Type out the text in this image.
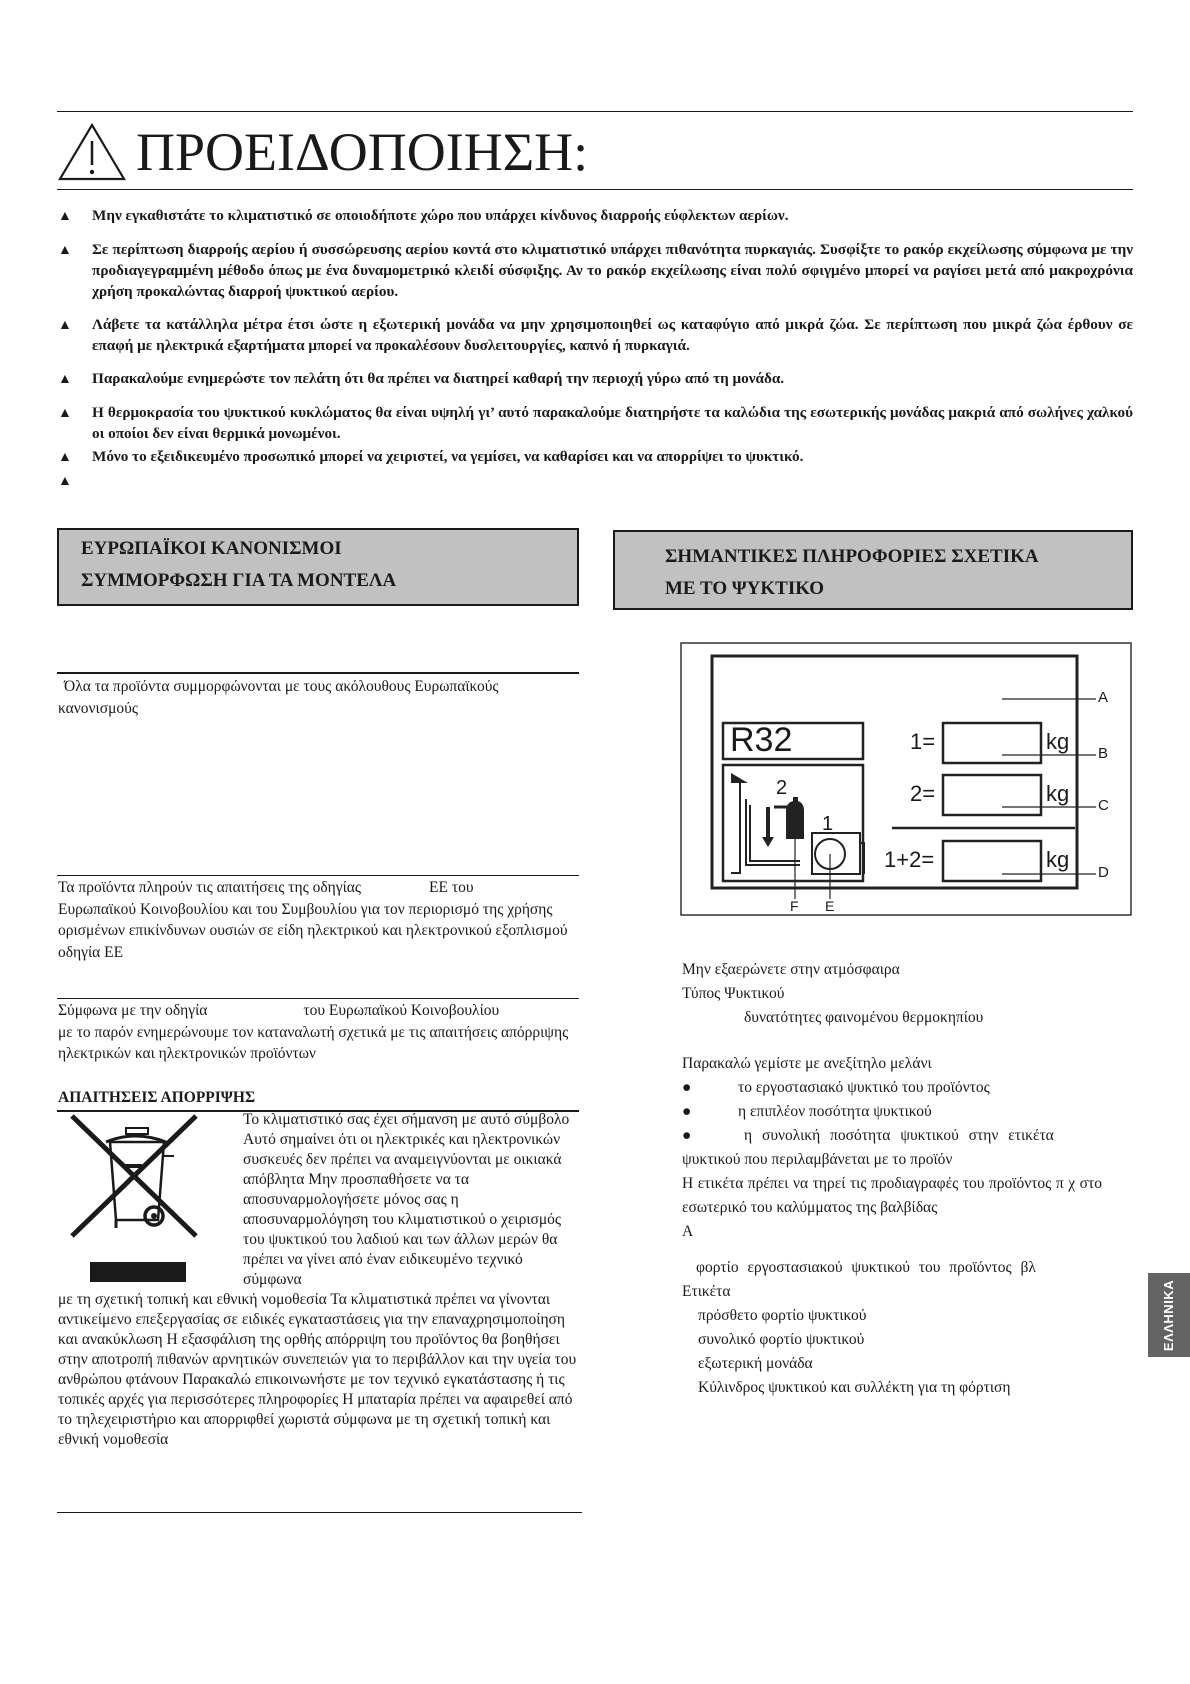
ΠΡΟΕΙΔΟΠΟΙΗΣΗ:
▲	Μην εγκαθιστάτε το κλιματιστικό σε οποιοδήποτε χώρο που υπάρχει κίνδυνος διαρροής εύφλεκτων αερίων.
▲	Σε περίπτωση διαρροής αερίου ή συσσώρευσης αερίου κοντά στο κλιματιστικό υπάρχει πιθανότητα πυρκαγιάς. Συσφίξτε το ρακόρ εκχείλωσης σύμφωνα με την προδιαγεγραμμένη μέθοδο όπως με ένα δυναμομετρικό κλειδί σύσφιξης. Αν το ρακόρ εκχείλωσης είναι πολύ σφιγμένο μπορεί να ραγίσει μετά από μακροχρόνια χρήση προκαλώντας διαρροή ψυκτικού αερίου.
▲	Λάβετε τα κατάλληλα μέτρα έτσι ώστε η εξωτερική μονάδα να μην χρησιμοποιηθεί ως καταφύγιο από μικρά ζώα. Σε περίπτωση που μικρά ζώα έρθουν σε επαφή με ηλεκτρικά εξαρτήματα μπορεί να προκαλέσουν δυσλειτουργίες, καπνό ή πυρκαγιά.
▲	Παρακαλούμε ενημερώστε τον πελάτη ότι θα πρέπει να διατηρεί καθαρή την περιοχή γύρω από τη μονάδα.
▲	Η θερμοκρασία του ψυκτικού κυκλώματος θα είναι υψηλή γι’ αυτό παρακαλούμε διατηρήστε τα καλώδια της εσωτερικής μονάδας μακριά από σωλήνες χαλκού οι οποίοι δεν είναι θερμικά μονωμένοι.
▲	Μόνο το εξειδικευμένο προσωπικό μπορεί να χειριστεί, να γεμίσει, να καθαρίσει και να απορρίψει το ψυκτικό.
▲
ΕΥΡΩΠΑΪΚΟΙ ΚΑΝΟΝΙΣΜΟΙ
ΣΥΜΜΟΡΦΩΣΗ ΓΙΑ ΤΑ ΜΟΝΤΕΛΑ
Όλα τα προϊόντα συμμορφώνονται με τους ακόλουθους Ευρωπαϊκούς κανονισμούς
Τα προϊόντα πληρούν τις απαιτήσεις της οδηγίας	ΕΕ του
Ευρωπαϊκού Κοινοβουλίου και του Συμβουλίου για τον περιορισμό της χρήσης ορισμένων επικίνδυνων ουσιών σε είδη ηλεκτρικού και ηλεκτρονικού εξοπλισμού οδηγία ΕΕ
Σύμφωνα με την οδηγία	του Ευρωπαϊκού Κοινοβουλίου
με το παρόν ενημερώνουμε τον καταναλωτή σχετικά με τις απαιτήσεις απόρριψης ηλεκτρικών και ηλεκτρονικών προϊόντων
ΑΠΑΙΤΗΣΕΙΣ ΑΠΟΡΡΙΨΗΣ
Το κλιματιστικό σας έχει σήμανση με αυτό σύμβολο Αυτό σημαίνει ότι οι ηλεκτρικές και ηλεκτρονικών συσκευές δεν πρέπει να αναμειγνύονται με οικιακά απόβλητα Μην προσπαθήσετε να τα αποσυναρμολογήσετε μόνος σας η αποσυναρμολόγηση του κλιματιστικού ο χειρισμός του ψυκτικού του λαδιού και των άλλων μερών θα πρέπει να γίνει από έναν ειδικευμένο τεχνικό σύμφωνα
με τη σχετική τοπική και εθνική νομοθεσία Τα κλιματιστικά πρέπει να γίνονται αντικείμενο επεξεργασίας σε ειδικές εγκαταστάσεις για την επαναχρησιμοποίηση και ανακύκλωση Η εξασφάλιση της ορθής απόρριψη του προϊόντος θα βοηθήσει στην αποτροπή πιθανών αρνητικών συνεπειών για το περιβάλλον και την υγεία του ανθρώπου φτάνουν Παρακαλώ επικοινωνήστε με τον τεχνικό εγκατάστασης ή τις τοπικές αρχές για περισσότερες πληροφορίες Η μπαταρία πρέπει να αφαιρεθεί από το τηλεχειριστήριο και απορριφθεί χωριστά σύμφωνα με τη σχετική τοπική και εθνική νομοθεσία
ΣΗΜΑΝΤΙΚΕΣ ΠΛΗΡΟΦΟΡΙΕΣ ΣΧΕΤΙΚΑ
ΜΕ ΤΟ ΨΥΚΤΙΚΟ
R32
2
1
1=
2=
1+2=
kg
kg
kg
A
B
C
D
E
F
Μην εξαερώνετε στην ατμόσφαιρα
Τύπος Ψυκτικού
δυνατότητες φαινομένου θερμοκηπίου
Παρακαλώ γεμίστε με ανεξίτηλο μελάνι
●	το εργοστασιακό ψυκτικό του προϊόντος
●	η επιπλέον ποσότητα ψυκτικού
●	η συνολική ποσότητα ψυκτικού στην ετικέτα
ψυκτικού που περιλαμβάνεται με το προϊόν
Η ετικέτα πρέπει να τηρεί τις προδιαγραφές του προϊόντος π χ στο εσωτερικό του καλύμματος της βαλβίδας
A
φορτίο εργοστασιακού ψυκτικού του προϊόντος βλ
Ετικέτα
πρόσθετο φορτίο ψυκτικού
συνολικό φορτίο ψυκτικού
εξωτερική μονάδα
Κύλινδρος ψυκτικού και συλλέκτη για τη φόρτιση
ΕΛΛΗΝΙΚΑ
